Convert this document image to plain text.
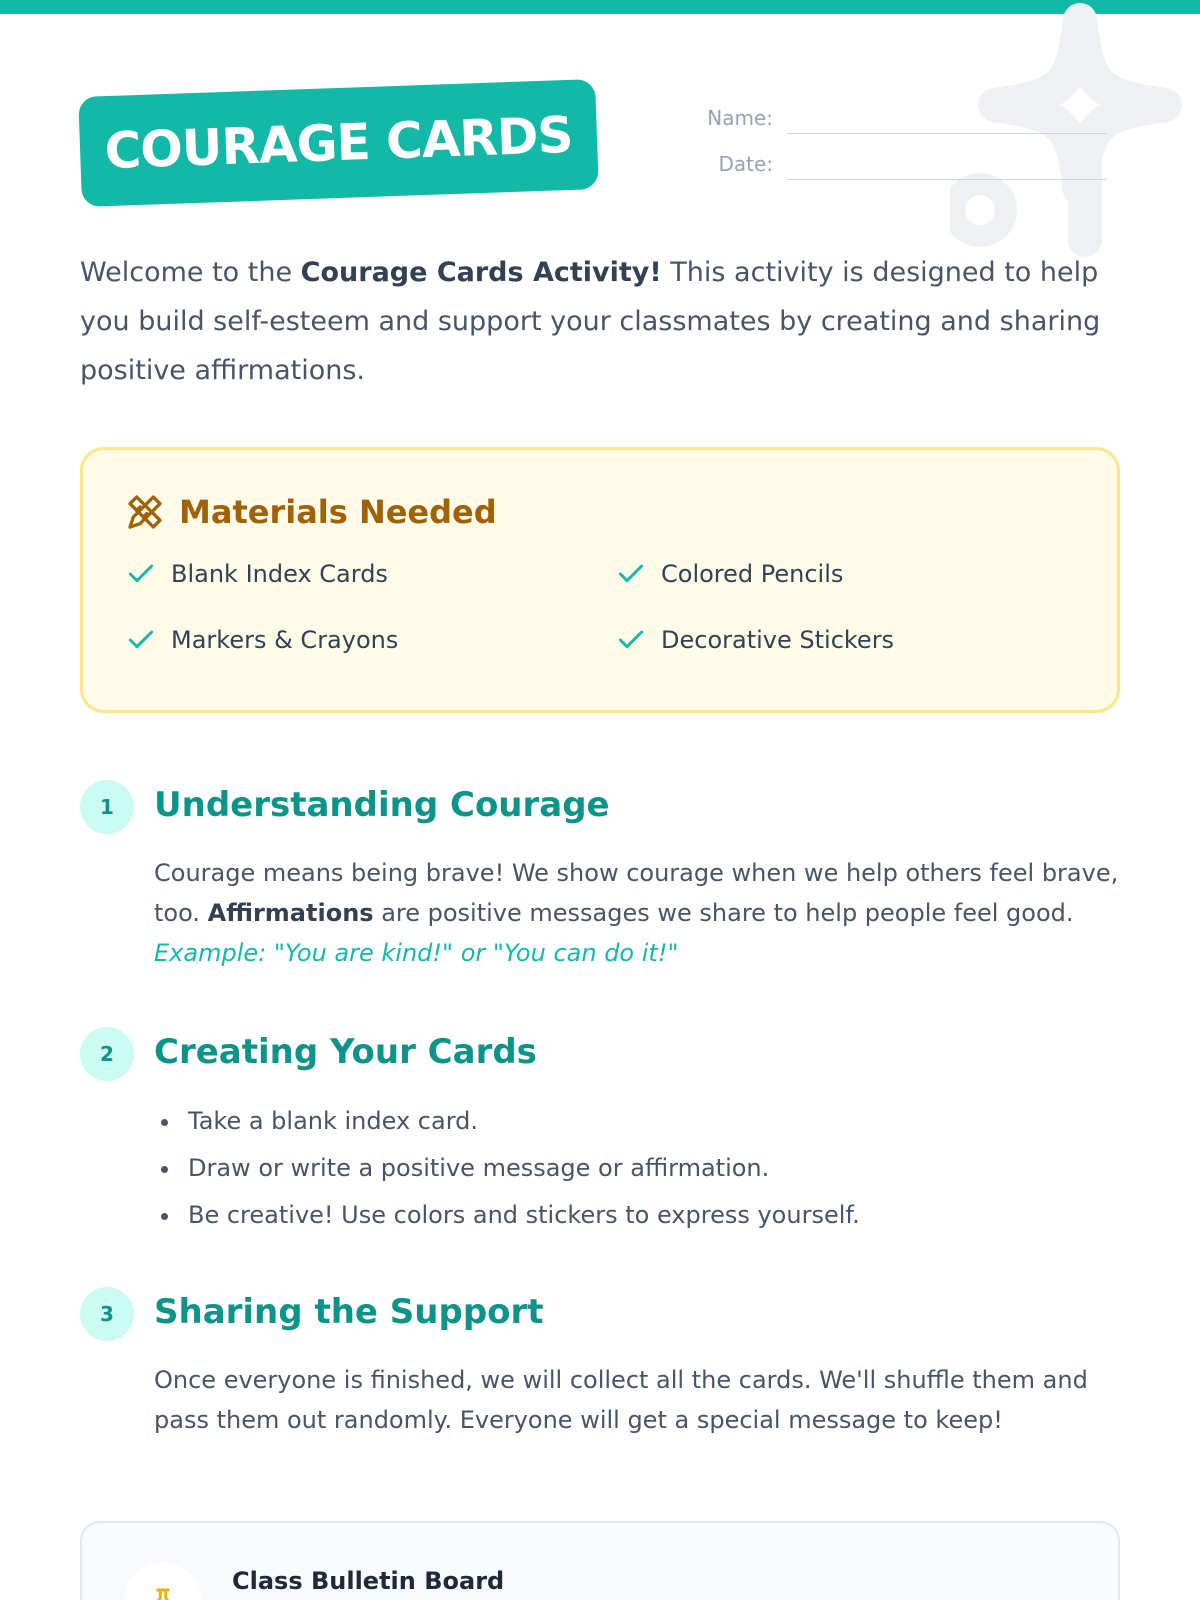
COURAGE CARDS	Name:
Date:

Welcome to the Courage Cards Activity! This activity is designed to help you build self-esteem and support your classmates by creating and sharing positive affirmations.

Materials Needed
Blank Index Cards	Colored Pencils
Markers & Crayons	Decorative Stickers
1	Understanding Courage

Courage means being brave! We show courage when we help others feel brave, too. Affirmations are positive messages we share to help people feel good.
Example: "You are kind!" or "You can do it!"

2	Creating Your Cards
Take a blank index card.
Draw or write a positive message or affirmation.
Be creative! Use colors and stickers to express yourself.
3	Sharing the Support

Once everyone is finished, we will collect all the cards. We'll shuffle them and pass them out randomly. Everyone will get a special message to keep!

Class Bulletin Board
